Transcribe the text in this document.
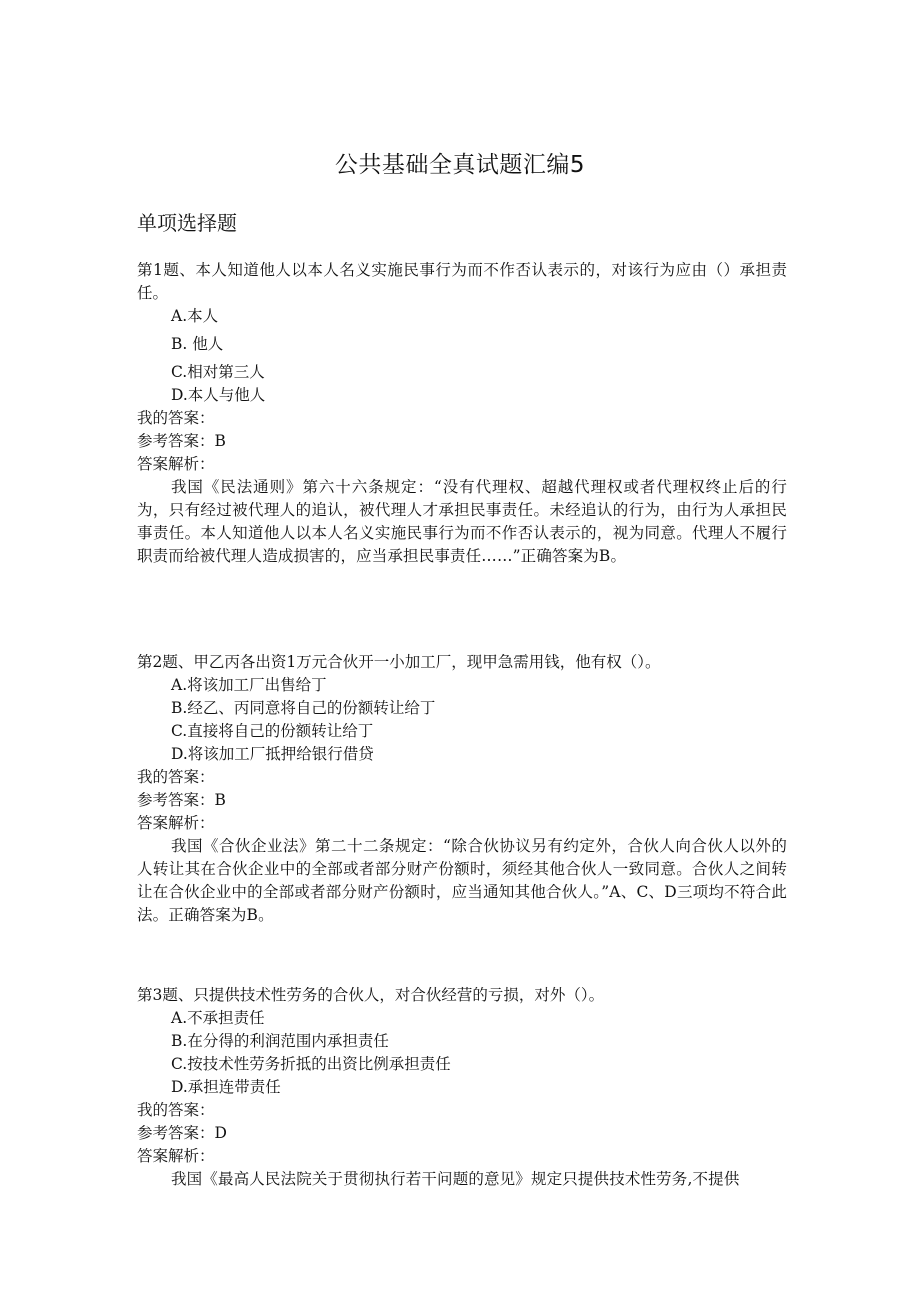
公共基础全真试题汇编5
单项选择题

第1题、本人知道他人以本人名义实施民事行为而不作否认表示的，对该行为应由（）承担责任。

A.本人
B. 他人
C.相对第三人
D.本人与他人

我的答案：

参考答案：B

答案解析：

我国《民法通则》第六十六条规定：“没有代理权、超越代理权或者代理权终止后的行为，只有经过被代理人的追认，被代理人才承担民事责任。未经追认的行为，由行为人承担民事责任。本人知道他人以本人名义实施民事行为而不作否认表示的，视为同意。代理人不履行职责而给被代理人造成损害的，应当承担民事责任……”正确答案为B。

第2题、甲乙丙各出资1万元合伙开一小加工厂，现甲急需用钱，他有权（）。

A.将该加工厂出售给丁
B.经乙、丙同意将自己的份额转让给丁
C.直接将自己的份额转让给丁
D.将该加工厂抵押给银行借贷

我的答案：

参考答案：B

答案解析：

我国《合伙企业法》第二十二条规定：“除合伙协议另有约定外，合伙人向合伙人以外的人转让其在合伙企业中的全部或者部分财产份额时，须经其他合伙人一致同意。合伙人之间转让在合伙企业中的全部或者部分财产份额时，应当通知其他合伙人。”A、C、D三项均不符合此法。正确答案为B。

第3题、只提供技术性劳务的合伙人，对合伙经营的亏损，对外（）。

A.不承担责任
B.在分得的利润范围内承担责任
C.按技术性劳务折抵的出资比例承担责任
D.承担连带责任

我的答案：

参考答案：D

答案解析：

我国《最高人民法院关于贯彻执行若干问题的意见》规定只提供技术性劳务,不提供
